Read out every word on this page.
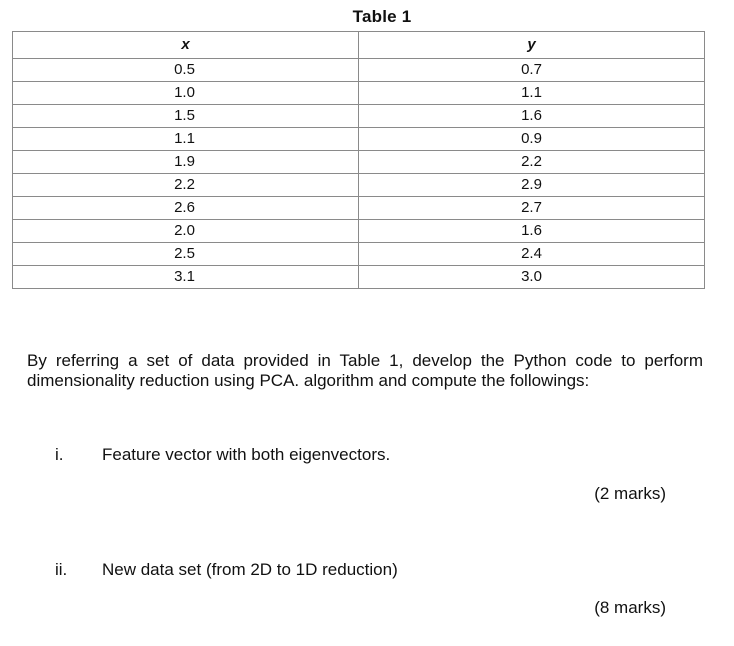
Table 1
x	y
0.5	0.7
1.0	1.1
1.5	1.6
1.1	0.9
1.9	2.2
2.2	2.9
2.6	2.7
2.0	1.6
2.5	2.4
3.1	3.0
By referring a set of data provided in Table 1, develop the Python code to perform dimensionality reduction using PCA. algorithm and compute the followings:
i. Feature vector with both eigenvectors.
(2 marks)
ii. New data set (from 2D to 1D reduction)
(8 marks)
